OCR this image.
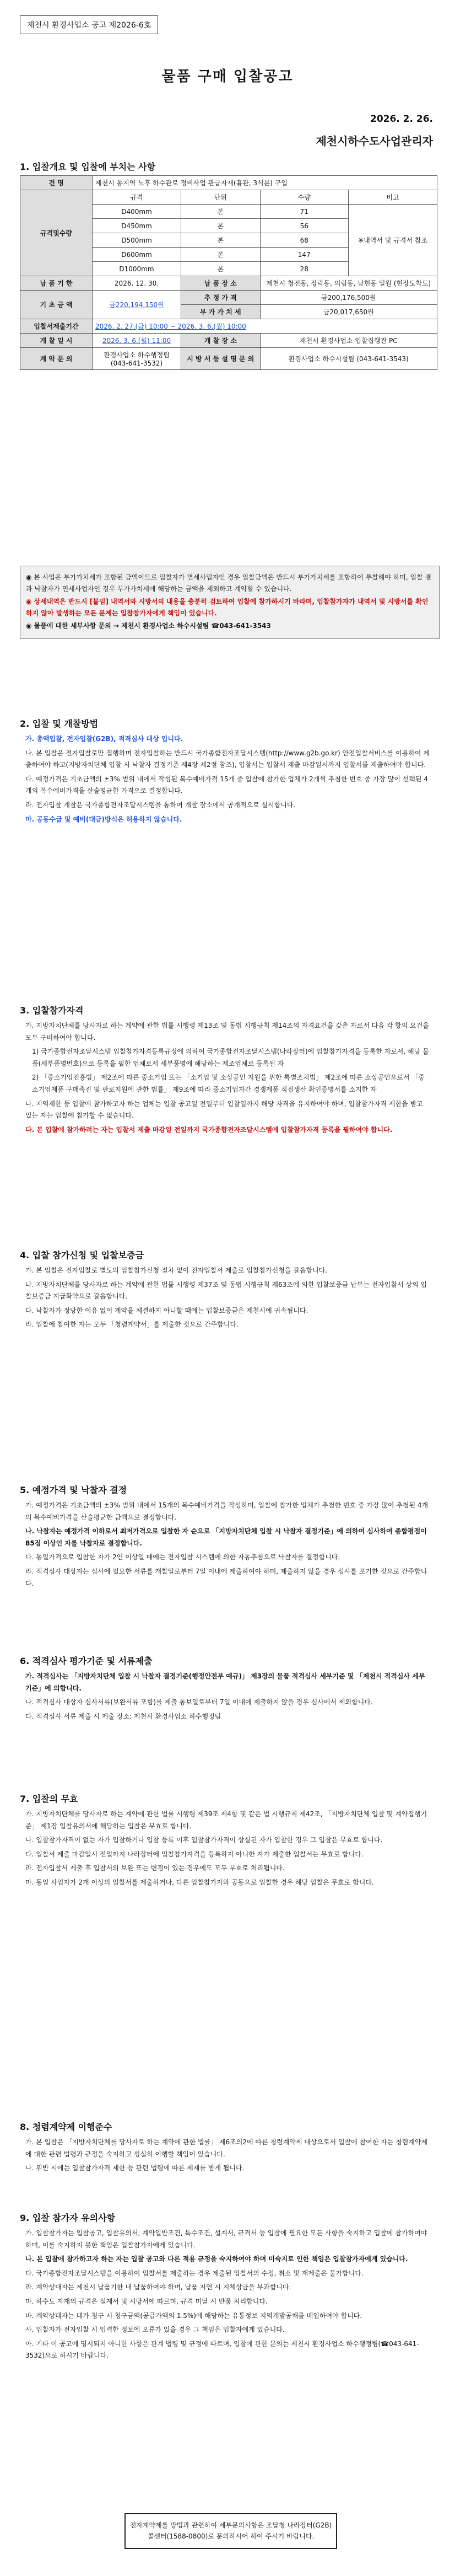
제천시 환경사업소 공고 제2026-6호
물품 구매 입찰공고
2026. 2. 26.
제천시하수도사업관리자
1. 입찰개요 및 입찰에 부치는 사항
건 명	제천시 동지역 노후 하수관로 정비사업 관급자재(흄관, 3식분) 구입			
규격및수량	규격	단위	수량	비고
	D400mm	본	71	※내역서 및 규격서 참조
	D450mm	본	56	
	D500mm	본	68	
	D600mm	본	147	
	D1000mm	본	28	
납 품 기 한	2026. 12. 30.	납 품 장 소	제천시 청전동, 장락동, 의림동, 남현동 일원 (현장도착도)	
기 초 금 액	금220,194,150원	추 정 가 격	금200,176,500원	
		부 가 가 치 세	금20,017,650원	
입찰서제출기간	2026. 2. 27.(금) 10:00 ~ 2026. 3. 6.(월) 10:00			
개 찰 일 시	2026. 3. 6.(월) 11:00	개 찰 장 소	재천시 환경사업소 입찰집행관 PC	
계 약 문 의	환경사업소 하수행정팀 (043-641-3532)	시 방 서 등 설 명 문 의	환경사업소 하수시설팀 (043-641-3543)	

◉ 본 사업은 부가가치세가 포함된 금액이므로 입찰자가 면세사업자인 경우 입찰금액은 반드시 부가가치세를 포함하여 투찰해야 하며, 입찰 결과 낙찰자가 면세사업자인 경우 부가가치세에 해당하는 금액을 제외하고 계약할 수 있습니다.

◉ 상세내역은 반드시 [붙임] 내역서와 시방서의 내용을 충분히 검토하여 입찰에 참가하시기 바라며, 입찰참가자가 내역서 및 시방서를 확인하지 않아 발생하는 모든 문제는 입찰참가자에게 책임이 있습니다.

◉ 물품에 대한 세부사항 문의 → 제천시 환경사업소 하수시설팀 ☎043-641-3543

2. 입찰 및 개찰방법

가. 총액입찰, 전자입찰(G2B), 적격심사 대상 입니다.

나. 본 입찰은 전자입찰로만 집행하며 전자입찰하는 반드시 국가종합전자조달시스템(http://www.g2b.go.kr) 안전입찰서비스를 이용하여 제출하여야 하고(지방자치단체 입찰 시 낙찰자 결정기준 제4장 제2절 참조), 입찰서는 입찰서 제출 마감일시까지 입찰서를 제출하여야 합니다.

다. 예정가격은 기초금액의 ±3% 범위 내에서 작성된 복수예비가격 15개 중 입찰에 참가한 업체가 2개씩 추첨한 번호 중 가장 많이 선택된 4개의 복수예비가격을 산술평균한 가격으로 결정합니다.

라. 전자입찰 개찰은 국가종합전자조달시스템을 통하여 개찰 장소에서 공개적으로 실시합니다.

마. 공동수급 및 예비(대금)방식은 허용하지 않습니다.

3. 입찰참가자격

가. 지방자치단체를 당사자로 하는 계약에 관한 법률 시행령 제13조 및 동법 시행규칙 제14조의 자격요건을 갖춘 자로서 다음 각 항의 요건을 모두 구비하여야 합니다.

1) 국가종합전자조달시스템 입찰참가자격등록규정에 의하여 국가종합전자조달시스템(나라장터)에 입찰참가자격을 등록한 자로서, 해당 물품(세부품명번호)으로 등록을 필한 업체로서 세부품명에 해당하는 제조업체로 등록된 자

2) 「중소기업진흥법」 제2조에 따른 중소기업 또는 「소기업 및 소상공인 지원을 위한 특별조치법」 제2조에 따른 소상공인으로서 「중소기업제품 구매촉진 및 판로지원에 관한 법률」 제9조에 따라 중소기업자간 경쟁제품 직접생산 확인증명서를 소지한 자

나. 지역제한 등 입찰에 참가하고자 하는 업체는 입찰 공고일 전일부터 입찰일까지 해당 자격을 유지하여야 하며, 입찰참가자격 제한을 받고 있는 자는 입찰에 참가할 수 없습니다.

다. 본 입찰에 참가하려는 자는 입찰서 제출 마감일 전일까지 국가종합전자조달시스템에 입찰참가자격 등록을 필하여야 합니다.

4. 입찰 참가신청 및 입찰보증금

가. 본 입찰은 전자입찰로 별도의 입찰참가신청 절차 없이 전자입찰서 제출로 입찰참가신청을 갈음합니다.

나. 지방자치단체를 당사자로 하는 계약에 관한 법률 시행령 제37조 및 동법 시행규칙 제63조에 의한 입찰보증금 납부는 전자입찰서 상의 입찰보증금 지급확약으로 갈음합니다.

다. 낙찰자가 정당한 이유 없이 계약을 체결하지 아니할 때에는 입찰보증금은 제천시에 귀속됩니다.

라. 입찰에 참여한 자는 모두 「청렴계약서」를 제출한 것으로 간주합니다.

5. 예정가격 및 낙찰자 결정

가. 예정가격은 기초금액의 ±3% 범위 내에서 15개의 복수예비가격을 작성하며, 입찰에 참가한 업체가 추첨한 번호 중 가장 많이 추첨된 4개의 복수예비가격을 산술평균한 금액으로 결정합니다.

나. 낙찰자는 예정가격 이하로서 최저가격으로 입찰한 자 순으로 「지방자치단체 입찰 시 낙찰자 결정기준」에 의하여 심사하여 종합평점이 85점 이상인 자를 낙찰자로 결정합니다.

다. 동일가격으로 입찰한 자가 2인 이상일 때에는 전자입찰 시스템에 의한 자동추첨으로 낙찰자를 결정합니다.

라. 적격심사 대상자는 심사에 필요한 서류를 개찰일로부터 7일 이내에 제출하여야 하며, 제출하지 않을 경우 심사를 포기한 것으로 간주합니다.

6. 적격심사 평가기준 및 서류제출

가. 적격심사는 「지방자치단체 입찰 시 낙찰자 결정기준(행정안전부 예규)」 제3장의 물품 적격심사 세부기준 및 「제천시 적격심사 세부기준」에 의합니다.

나. 적격심사 대상자 심사서류(보완서류 포함)를 제출 통보일로부터 7일 이내에 제출하지 않을 경우 심사에서 제외합니다.

다. 적격심사 서류 제출 시 제출 장소: 제천시 환경사업소 하수행정팀

7. 입찰의 무효

가. 지방자치단체를 당사자로 하는 계약에 관한 법률 시행령 제39조 제4항 및 같은 법 시행규칙 제42조, 「지방자치단체 입찰 및 계약집행기준」 제1장 입찰유의서에 해당하는 입찰은 무효로 합니다.

나. 입찰참가자격이 없는 자가 입찰하거나 입찰 등록 이후 입찰참가자격이 상실된 자가 입찰한 경우 그 입찰은 무효로 합니다.

다. 입찰서 제출 마감일시 전일까지 나라장터에 입찰참가자격을 등록하지 아니한 자가 제출한 입찰서는 무효로 합니다.

라. 전자입찰서 제출 후 입찰서의 보완 또는 변경이 있는 경우에도 모두 무효로 처리됩니다.

마. 동일 사업자가 2개 이상의 입찰서를 제출하거나, 다른 입찰참가자와 공동으로 입찰한 경우 해당 입찰은 무효로 합니다.

8. 청렴계약제 이행준수

가. 본 입찰은 「지방자치단체를 당사자로 하는 계약에 관한 법률」 제6조의2에 따른 청렴계약제 대상으로서 입찰에 참여한 자는 청렴계약제에 대한 관련 법령과 규정을 숙지하고 성실히 이행할 책임이 있습니다.

나. 위반 시에는 입찰참가자격 제한 등 관련 법령에 따른 제재를 받게 됩니다.

9. 입찰 참가자 유의사항

가. 입찰참가자는 입찰공고, 입찰유의서, 계약일반조건, 특수조건, 설계서, 규격서 등 입찰에 필요한 모든 사항을 숙지하고 입찰에 참가하여야 하며, 이를 숙지하지 못한 책임은 입찰참가자에게 있습니다.

나. 본 입찰에 참가하고자 하는 자는 입찰 공고와 다른 적용 규정을 숙지하여야 하며 미숙지로 인한 책임은 입찰참가자에게 있습니다.

다. 국가종합전자조달시스템을 이용하여 입찰서를 제출하는 경우 제출된 입찰서의 수정, 취소 및 재제출은 불가합니다.

라. 계약상대자는 제천시 납품기한 내 납품하여야 하며, 납품 지연 시 지체상금을 부과합니다.

마. 하수도 자재의 규격은 설계서 및 시방서에 따르며, 규격 미달 시 반품 처리합니다.

바. 계약상대자는 대가 청구 시 청구금액(공급가액의 1.5%)에 해당하는 유통정보 지역개발공채를 매입하여야 합니다.

사. 입찰자가 전자입찰 시 입력한 정보에 오류가 있을 경우 그 책임은 입찰자에게 있습니다.

아. 기타 이 공고에 명시되지 아니한 사항은 관계 법령 및 규정에 따르며, 입찰에 관한 문의는 제천시 환경사업소 하수행정팀(☎043-641-3532)으로 하시기 바랍니다.

전자계약제를 방법과 관련하여 세부문의사항은 조달청 나라장터(G2B)
콜센터(1588-0800)로 문의하시어 하여 주시기 바랍니다.
